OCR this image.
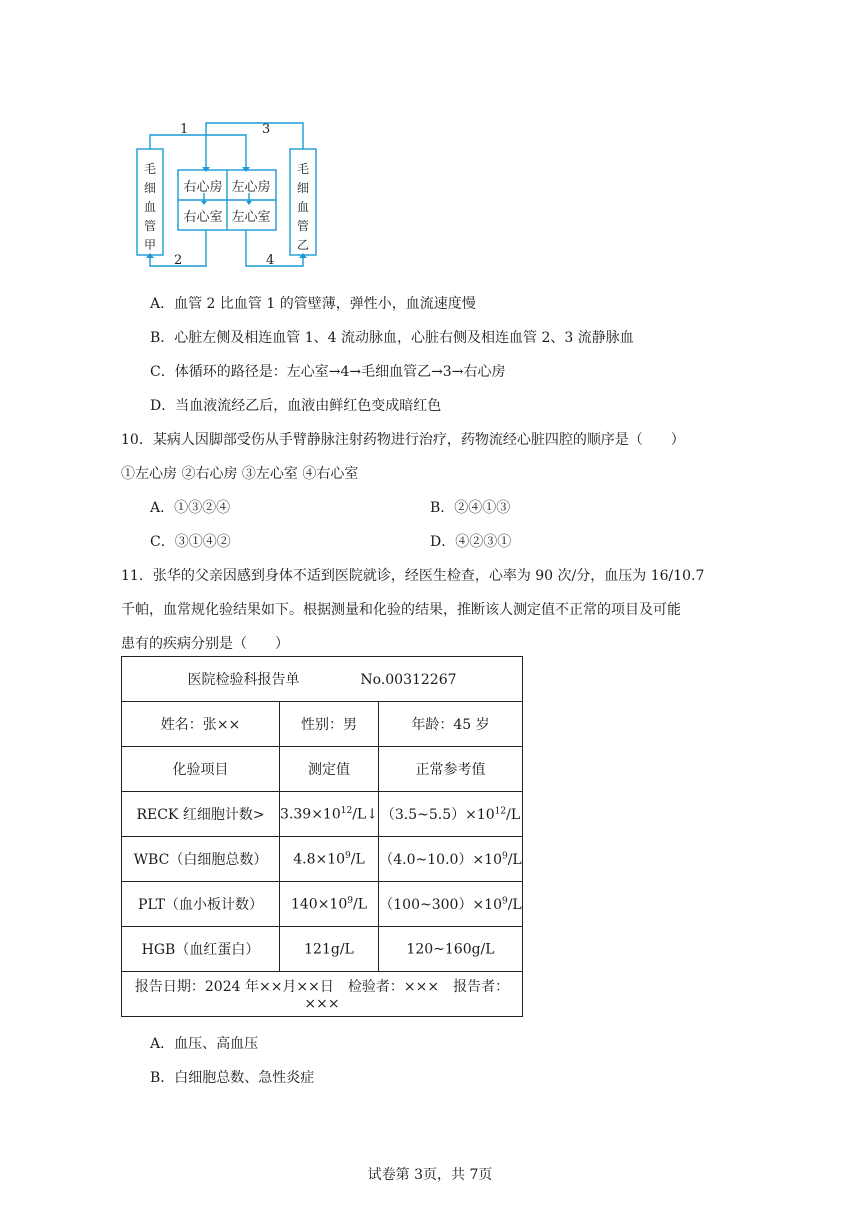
1	3
2	4
毛
细
血
管
甲
毛
细
血
管
乙
右心房 左心房
右心室 左心室
A．血管 2 比血管 1 的管壁薄，弹性小，血流速度慢
B．心脏左侧及相连血管 1、4 流动脉血，心脏右侧及相连血管 2、3 流静脉血
C．体循环的路径是：左心室→4→毛细血管乙→3→右心房
D．当血液流经乙后，血液由鲜红色变成暗红色
10．某病人因脚部受伤从手臂静脉注射药物进行治疗，药物流经心脏四腔的顺序是（　　）
①左心房 ②右心房 ③左心室 ④右心室
A．①③②④	B．②④①③
C．③①④②	D．④②③①
11．张华的父亲因感到身体不适到医院就诊，经医生检查，心率为 90 次/分，血压为 16/10.7
千帕，血常规化验结果如下。根据测量和化验的结果，推断该人测定值不正常的项目及可能
患有的疾病分别是（　　）
医院检验科报告单 No.00312267		
姓名：张××	性别：男	年龄：45 岁
化验项目	测定值	正常参考值
RECK 红细胞计数>	$3.39\times 10^{12}/L↓$	$(3.5\sim 5.5)\times 10^{12}/L$
WBC（白细胞总数）	$4.8\times 10^9/L$	$(4.0\sim 10.0)\times 10^9/L$
PLT（血小板计数）	$140\times 10^9/L$	$(100\sim 300)\times 10^9/L$
HGB（血红蛋白）	121g/L	120~160g/L
报告日期：2024 年××月××日　检验者：×××　报告者：×××		
A．血压、高血压
B．白细胞总数、急性炎症
试卷第 3页，共 7页
